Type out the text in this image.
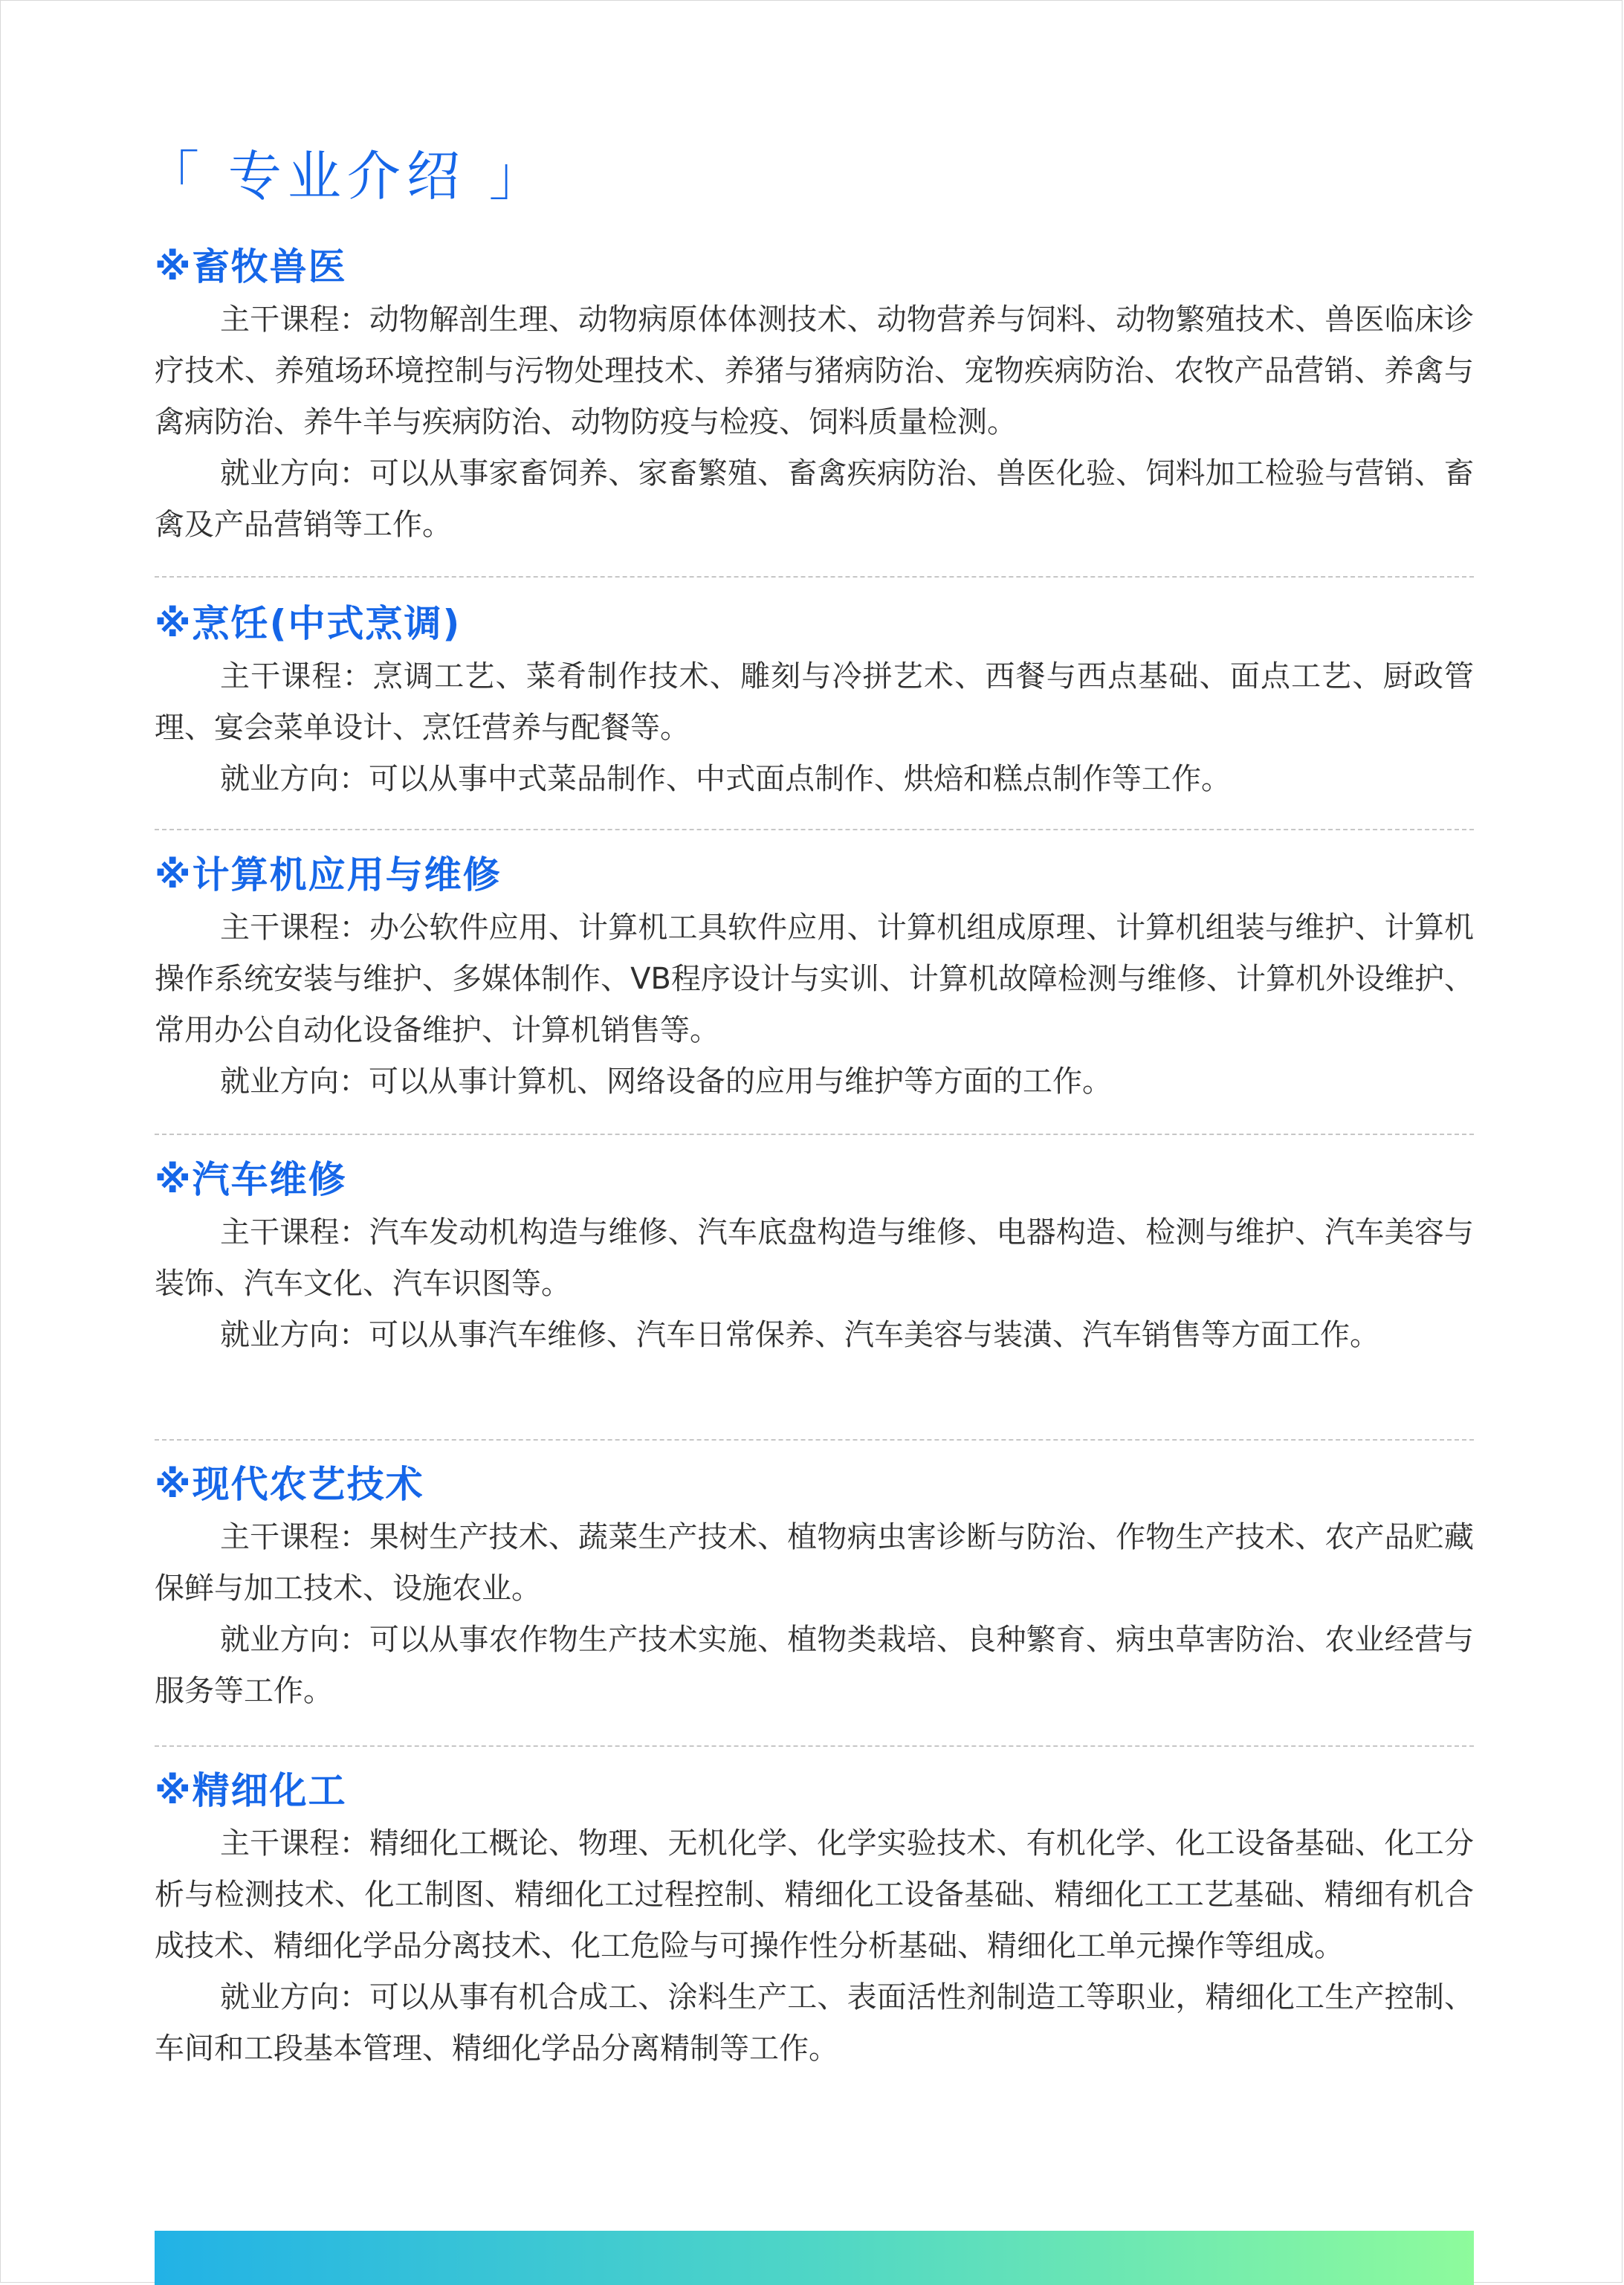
「 专业介绍 」
※畜牧兽医

主干课程：动物解剖生理、动物病原体体测技术、动物营养与饲料、动物繁殖技术、兽医临床诊疗技术、养殖场环境控制与污物处理技术、养猪与猪病防治、宠物疾病防治、农牧产品营销、养禽与禽病防治、养牛羊与疾病防治、动物防疫与检疫、饲料质量检测。

就业方向：可以从事家畜饲养、家畜繁殖、畜禽疾病防治、兽医化验、饲料加工检验与营销、畜禽及产品营销等工作。

※烹饪(中式烹调)

主干课程：烹调工艺、菜肴制作技术、雕刻与冷拼艺术、西餐与西点基础、面点工艺、厨政管理、宴会菜单设计、烹饪营养与配餐等。

就业方向：可以从事中式菜品制作、中式面点制作、烘焙和糕点制作等工作。

※计算机应用与维修

主干课程：办公软件应用、计算机工具软件应用、计算机组成原理、计算机组装与维护、计算机操作系统安装与维护、多媒体制作、VB程序设计与实训、计算机故障检测与维修、计算机外设维护、常用办公自动化设备维护、计算机销售等。

就业方向：可以从事计算机、网络设备的应用与维护等方面的工作。

※汽车维修

主干课程：汽车发动机构造与维修、汽车底盘构造与维修、电器构造、检测与维护、汽车美容与装饰、汽车文化、汽车识图等。

就业方向：可以从事汽车维修、汽车日常保养、汽车美容与装潢、汽车销售等方面工作。

※现代农艺技术

主干课程：果树生产技术、蔬菜生产技术、植物病虫害诊断与防治、作物生产技术、农产品贮藏保鲜与加工技术、设施农业。

就业方向：可以从事农作物生产技术实施、植物类栽培、良种繁育、病虫草害防治、农业经营与服务等工作。

※精细化工

主干课程：精细化工概论、物理、无机化学、化学实验技术、有机化学、化工设备基础、化工分析与检测技术、化工制图、精细化工过程控制、精细化工设备基础、精细化工工艺基础、精细有机合成技术、精细化学品分离技术、化工危险与可操作性分析基础、精细化工单元操作等组成。

就业方向：可以从事有机合成工、涂料生产工、表面活性剂制造工等职业，精细化工生产控制、车间和工段基本管理、精细化学品分离精制等工作。
